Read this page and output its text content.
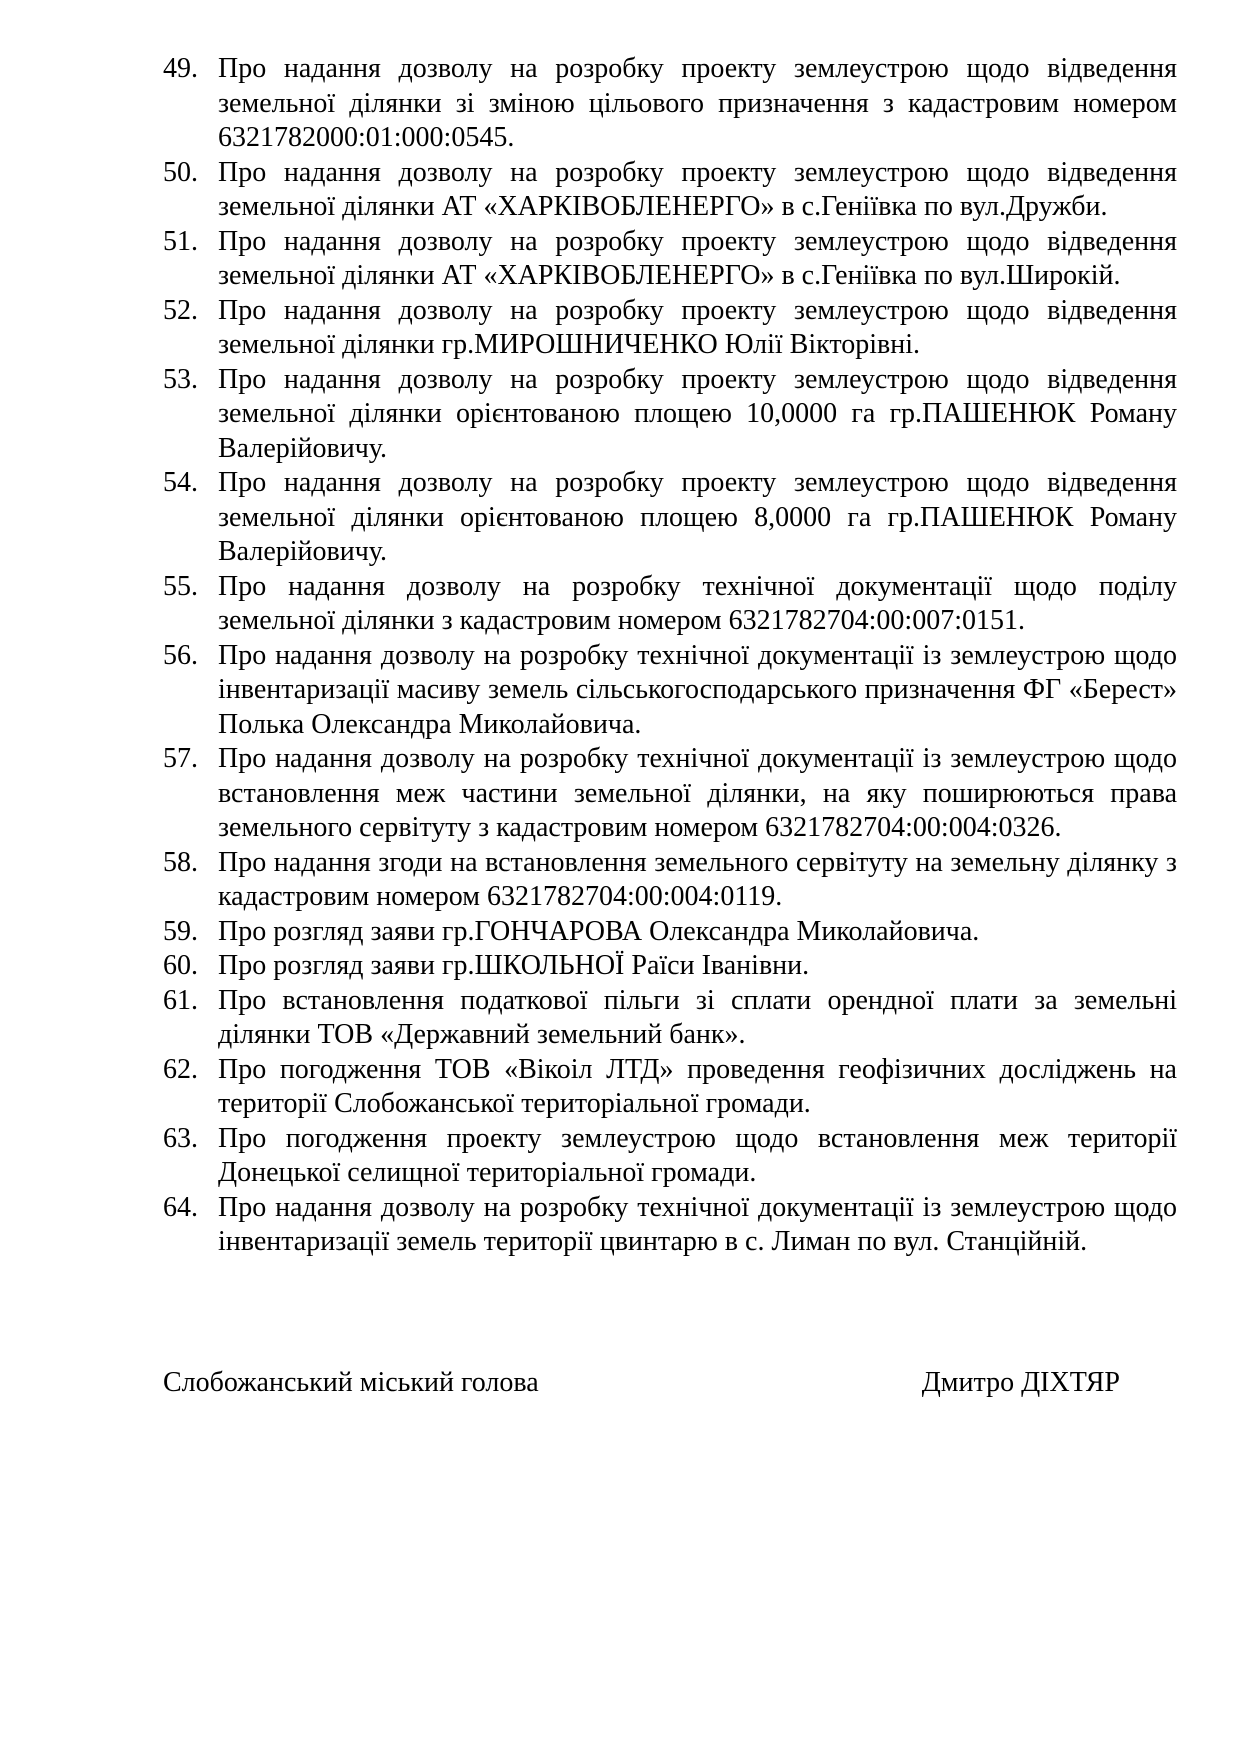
49. Про надання дозволу на розробку проекту землеустрою щодо відведення земельної ділянки зі зміною цільового призначення з кадастровим номером 6321782000:01:000:0545.
50. Про надання дозволу на розробку проекту землеустрою щодо відведення земельної ділянки АТ «ХАРКІВОБЛЕНЕРГО» в с.Геніївка по вул.Дружби.
51. Про надання дозволу на розробку проекту землеустрою щодо відведення земельної ділянки АТ «ХАРКІВОБЛЕНЕРГО» в с.Геніївка по вул.Широкій.
52. Про надання дозволу на розробку проекту землеустрою щодо відведення земельної ділянки гр.МИРОШНИЧЕНКО Юлії Вікторівні.
53. Про надання дозволу на розробку проекту землеустрою щодо відведення земельної ділянки орієнтованою площею 10,0000 га гр.ПАШЕНЮК Роману Валерійовичу.
54. Про надання дозволу на розробку проекту землеустрою щодо відведення земельної ділянки орієнтованою площею 8,0000 га гр.ПАШЕНЮК Роману Валерійовичу.
55. Про надання дозволу на розробку технічної документації щодо поділу земельної ділянки з кадастровим номером 6321782704:00:007:0151.
56. Про надання дозволу на розробку технічної документації із землеустрою щодо інвентаризації масиву земель сільськогосподарського призначення ФГ «Берест» Полька Олександра Миколайовича.
57. Про надання дозволу на розробку технічної документації із землеустрою щодо встановлення меж частини земельної ділянки, на яку поширюються права земельного сервітуту з кадастровим номером 6321782704:00:004:0326.
58. Про надання згоди на встановлення земельного сервітуту на земельну ділянку з кадастровим номером 6321782704:00:004:0119.
59. Про розгляд заяви гр.ГОНЧАРОВА Олександра Миколайовича.
60. Про розгляд заяви гр.ШКОЛЬНОЇ Раїси Іванівни.
61. Про встановлення податкової пільги зі сплати орендної плати за земельні ділянки ТОВ «Державний земельний банк».
62. Про погодження ТОВ «Вікоіл ЛТД» проведення геофізичних досліджень на території Слобожанської територіальної громади.
63. Про погодження проекту землеустрою щодо встановлення меж території Донецької селищної територіальної громади.
64. Про надання дозволу на розробку технічної документації із землеустрою щодо інвентаризації земель території цвинтарю в с. Лиман по вул. Станційній.
Слобожанський міський голова	Дмитро ДІХТЯР
